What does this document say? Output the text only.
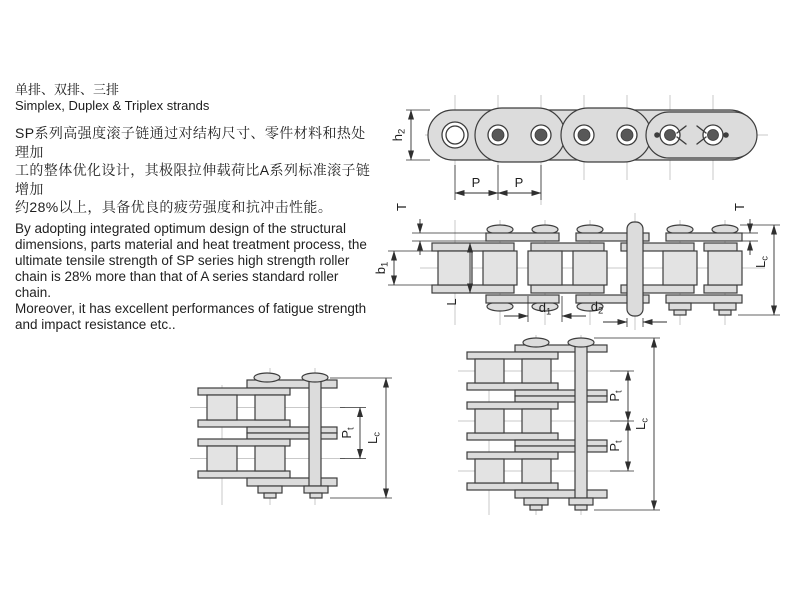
单排、双排、三排
Simplex, Duplex & Triplex strands
SP系列高强度滚子链通过对结构尺寸、零件材料和热处理加
工的整体优化设计，其极限拉伸载荷比A系列标准滚子链增加
约28%以上，具备优良的疲劳强度和抗冲击性能。
By adopting integrated optimum design of the structural
dimensions, parts material and heat treatment process, the
ultimate tensile strength of SP series high strength roller
chain is 28% more than that of A series standard roller chain.
Moreover, it has excellent performances of fatigue strength
and impact resistance etc..
h2
P	P
T
b1
L	d1	d2
T
Lc
Pt
Lc
Pt
Pt
Lc
